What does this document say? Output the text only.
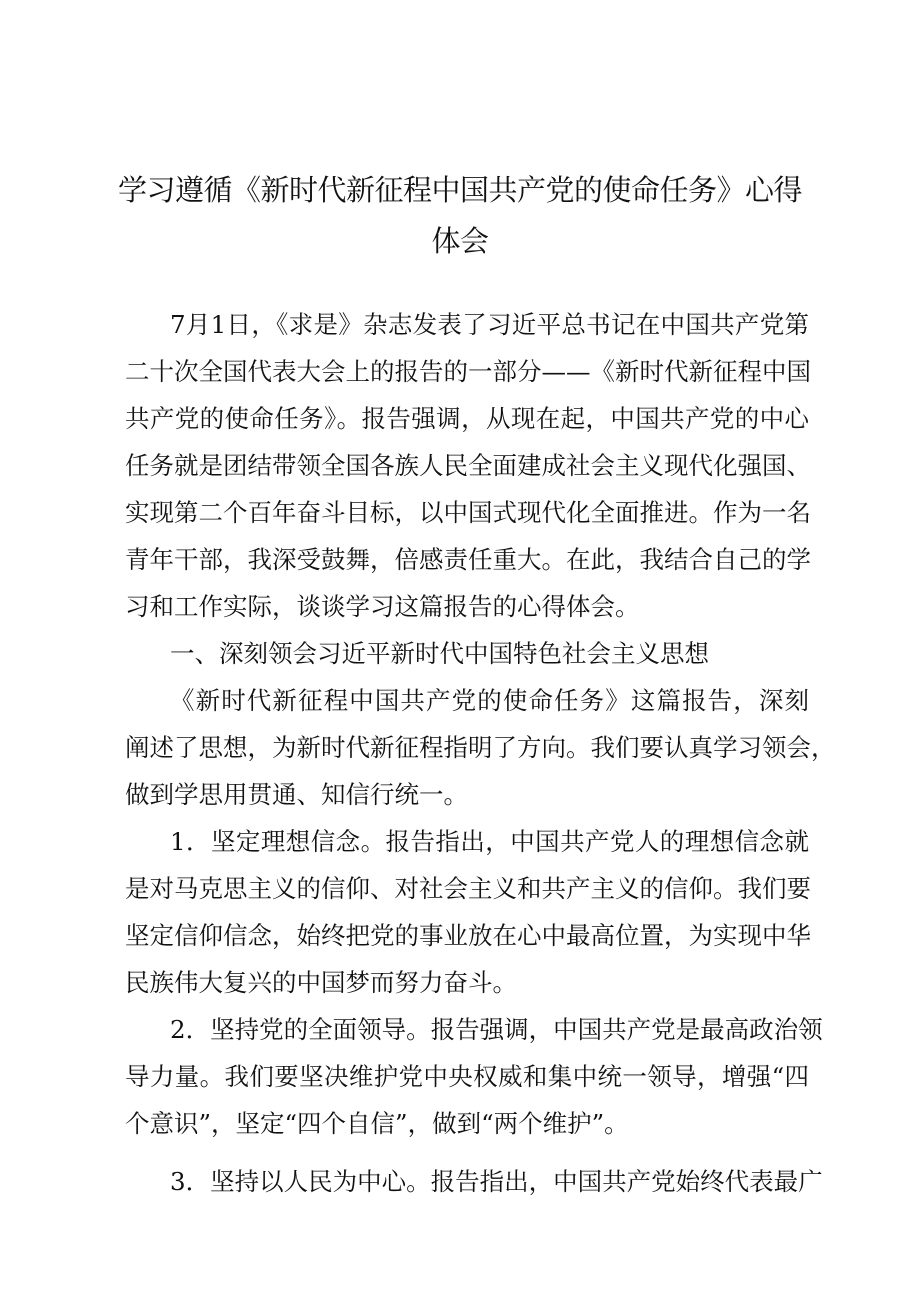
学习遵循《新时代新征程中国共产党的使命任务》心得
体会
7月1日，《求是》杂志发表了习近平总书记在中国共产党第
二十次全国代表大会上的报告的一部分——《新时代新征程中国
共产党的使命任务》。报告强调，从现在起，中国共产党的中心
任务就是团结带领全国各族人民全面建成社会主义现代化强国、
实现第二个百年奋斗目标，以中国式现代化全面推进。作为一名
青年干部，我深受鼓舞，倍感责任重大。在此，我结合自己的学
习和工作实际，谈谈学习这篇报告的心得体会。
一、深刻领会习近平新时代中国特色社会主义思想
《新时代新征程中国共产党的使命任务》这篇报告，深刻
阐述了思想，为新时代新征程指明了方向。我们要认真学习领会，
做到学思用贯通、知信行统一。
1．坚定理想信念。报告指出，中国共产党人的理想信念就
是对马克思主义的信仰、对社会主义和共产主义的信仰。我们要
坚定信仰信念，始终把党的事业放在心中最高位置，为实现中华
民族伟大复兴的中国梦而努力奋斗。
2．坚持党的全面领导。报告强调，中国共产党是最高政治领
导力量。我们要坚决维护党中央权威和集中统一领导，增强“四
个意识”，坚定“四个自信”，做到“两个维护”。
3．坚持以人民为中心。报告指出，中国共产党始终代表最广
